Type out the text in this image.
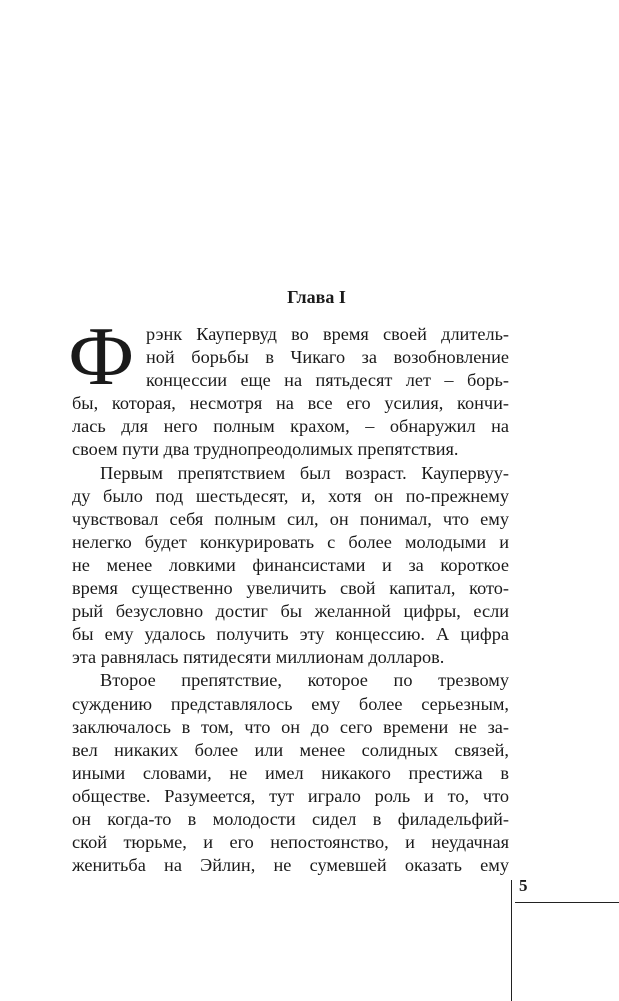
Глава I
Ф рэнк Каупервуд во время своей длитель-
ной борьбы в Чикаго за возобновление
концессии еще на пятьдесят лет – борь-
бы, которая, несмотря на все его усилия, кончи-
лась для него полным крахом, – обнаружил на
своем пути два труднопреодолимых препятствия.
Первым препятствием был возраст. Каупервуу-
ду было под шестьдесят, и, хотя он по-прежнему
чувствовал себя полным сил, он понимал, что ему
нелегко будет конкурировать с более молодыми и
не менее ловкими финансистами и за короткое
время существенно увеличить свой капитал, кото-
рый безусловно достиг бы желанной цифры, если
бы ему удалось получить эту концессию. А цифра
эта равнялась пятидесяти миллионам долларов.
Второе препятствие, которое по трезвому
суждению представлялось ему более серьезным,
заключалось в том, что он до сего времени не за-
вел никаких более или менее солидных связей,
иными словами, не имел никакого престижа в
обществе. Разумеется, тут играло роль и то, что
он когда-то в молодости сидел в филадельфий-
ской тюрьме, и его непостоянство, и неудачная
женитьба на Эйлин, не сумевшей оказать ему
5
